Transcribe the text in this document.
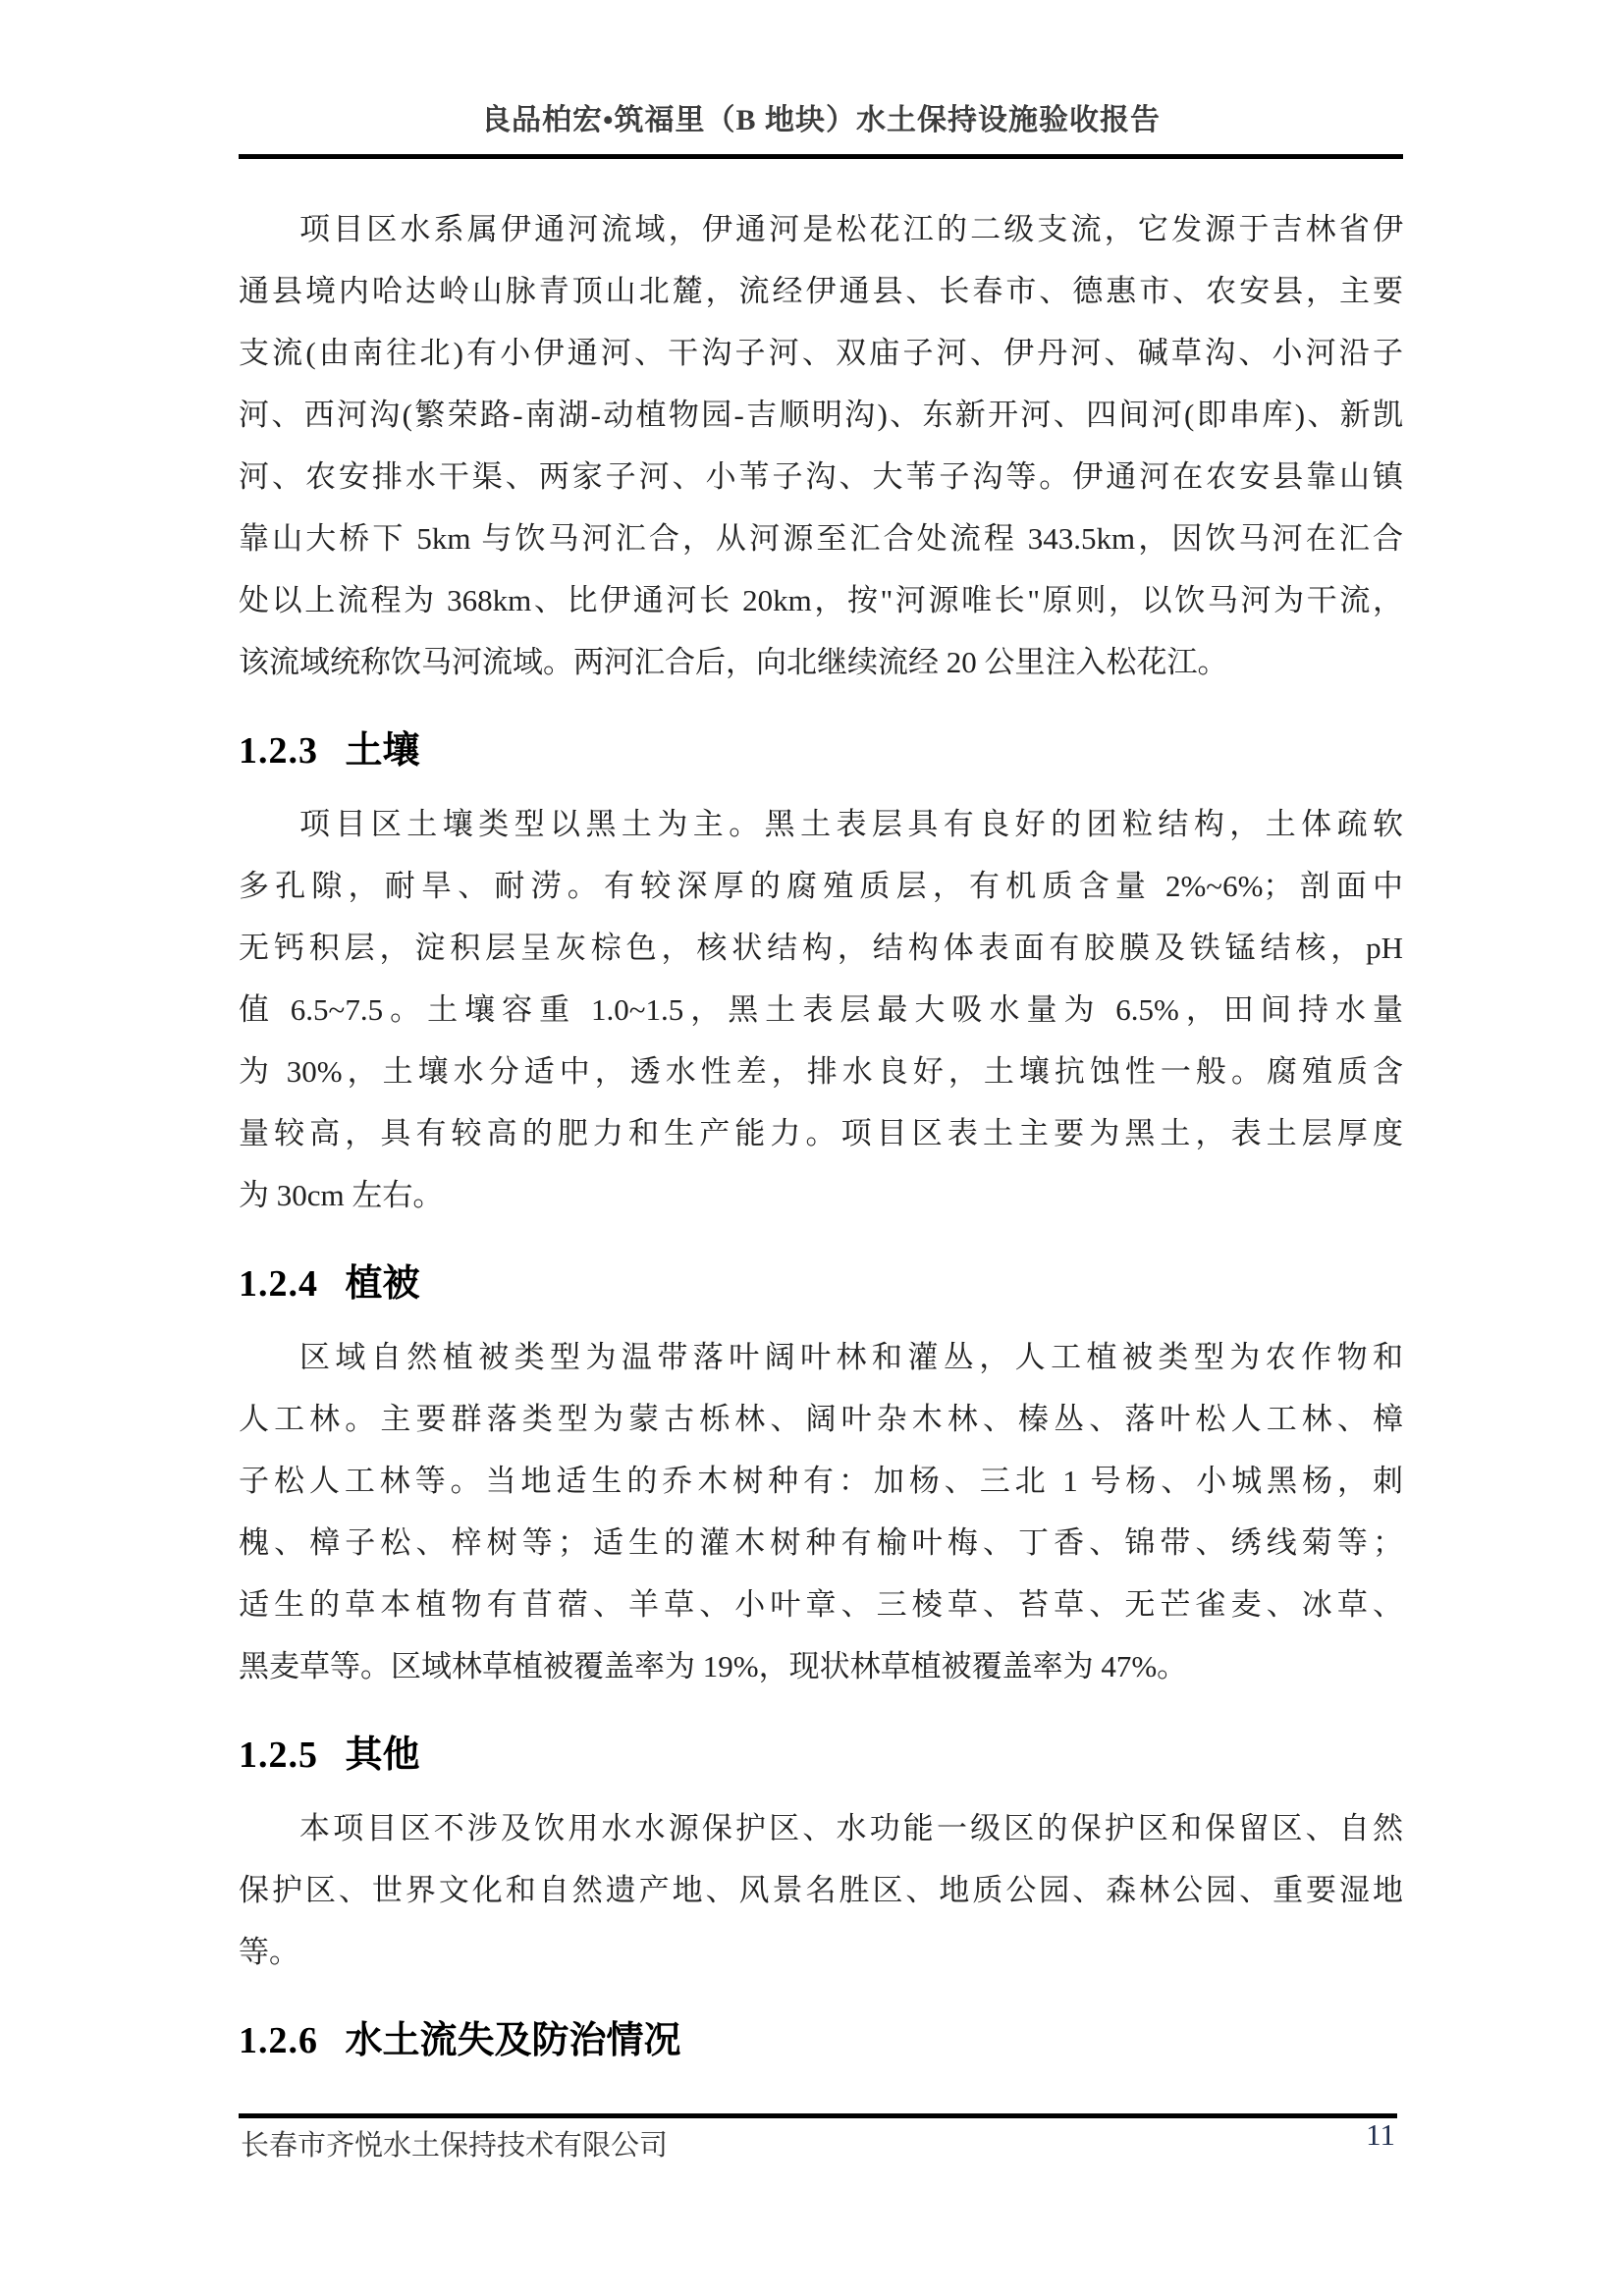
良品柏宏•筑福里（B 地块）水土保持设施验收报告
项目区水系属伊通河流域，伊通河是松花江的二级支流，它发源于吉林省伊
通县境内哈达岭山脉青顶山北麓，流经伊通县、长春市、德惠市、农安县，主要
支流(由南往北)有小伊通河、干沟子河、双庙子河、伊丹河、碱草沟、小河沿子
河、西河沟(繁荣路-南湖-动植物园-吉顺明沟)、东新开河、四间河(即串库)、新凯
河、农安排水干渠、两家子河、小苇子沟、大苇子沟等。伊通河在农安县靠山镇
靠山大桥下 5km 与饮马河汇合，从河源至汇合处流程 343.5km，因饮马河在汇合
处以上流程为 368km、比伊通河长 20km，按"河源唯长"原则，以饮马河为干流，
该流域统称饮马河流域。两河汇合后，向北继续流经 20 公里注入松花江。
1.2.3 土壤
项目区土壤类型以黑土为主。黑土表层具有良好的团粒结构，土体疏软
多孔隙，耐旱、耐涝。有较深厚的腐殖质层，有机质含量 2%~6%；剖面中
无钙积层，淀积层呈灰棕色，核状结构，结构体表面有胶膜及铁锰结核，pH
值 6.5~7.5。土壤容重 1.0~1.5，黑土表层最大吸水量为 6.5%，田间持水量
为 30%，土壤水分适中，透水性差，排水良好，土壤抗蚀性一般。腐殖质含
量较高，具有较高的肥力和生产能力。项目区表土主要为黑土，表土层厚度
为 30cm 左右。
1.2.4 植被
区域自然植被类型为温带落叶阔叶林和灌丛，人工植被类型为农作物和
人工林。主要群落类型为蒙古栎林、阔叶杂木林、榛丛、落叶松人工林、樟
子松人工林等。当地适生的乔木树种有：加杨、三北 1 号杨、小城黑杨，刺
槐、樟子松、梓树等；适生的灌木树种有榆叶梅、丁香、锦带、绣线菊等；
适生的草本植物有苜蓿、羊草、小叶章、三棱草、苔草、无芒雀麦、冰草、
黑麦草等。区域林草植被覆盖率为 19%，现状林草植被覆盖率为 47%。
1.2.5 其他
本项目区不涉及饮用水水源保护区、水功能一级区的保护区和保留区、自然
保护区、世界文化和自然遗产地、风景名胜区、地质公园、森林公园、重要湿地
等。
1.2.6 水土流失及防治情况
长春市齐悦水土保持技术有限公司	11
